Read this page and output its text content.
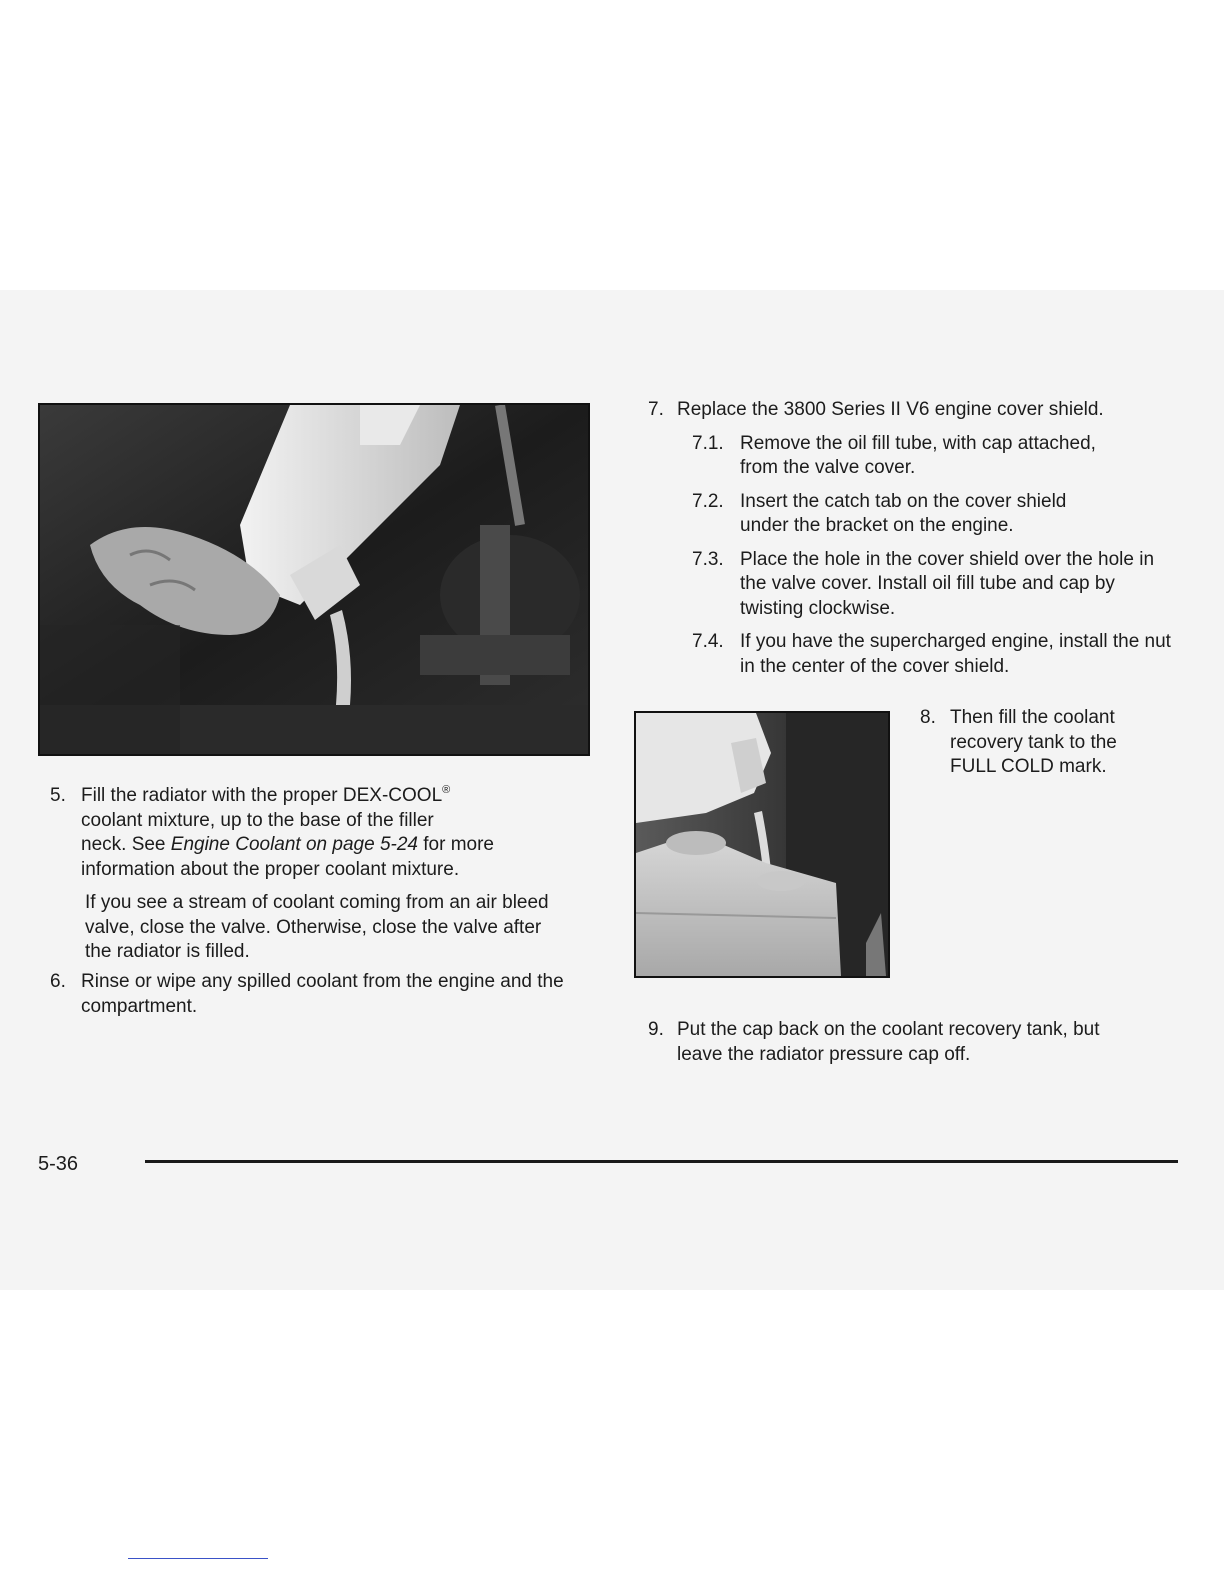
5. Fill the radiator with the proper DEX-COOL®
coolant mixture, up to the base of the filler
neck. See Engine Coolant on page 5-24 for more
information about the proper coolant mixture.

If you see a stream of coolant coming from an air bleed valve, close the valve. Otherwise, close the valve after the radiator is filled.

6. Rinse or wipe any spilled coolant from the engine and the compartment.

7. Replace the 3800 Series II V6 engine cover shield.

7.1. Remove the oil fill tube, with cap attached, from the valve cover.
7.2. Insert the catch tab on the cover shield under the bracket on the engine.
7.3. Place the hole in the cover shield over the hole in the valve cover. Install oil fill tube and cap by twisting clockwise.
7.4. If you have the supercharged engine, install the nut in the center of the cover shield.
8. Then fill the coolant recovery tank to the FULL COLD mark.

9. Put the cap back on the coolant recovery tank, but leave the radiator pressure cap off.

5-36
